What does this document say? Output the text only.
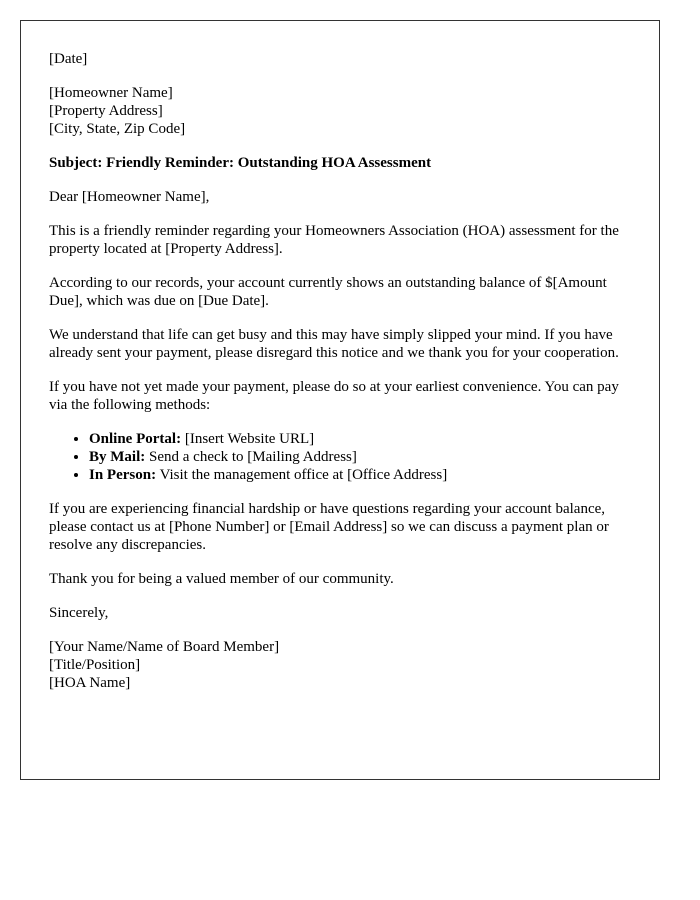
[Date]

[Homeowner Name]
[Property Address]
[City, State, Zip Code]

Subject: Friendly Reminder: Outstanding HOA Assessment

Dear [Homeowner Name],

This is a friendly reminder regarding your Homeowners Association (HOA) assessment for the property located at [Property Address].

According to our records, your account currently shows an outstanding balance of $[Amount Due], which was due on [Due Date].

We understand that life can get busy and this may have simply slipped your mind. If you have already sent your payment, please disregard this notice and we thank you for your cooperation.

If you have not yet made your payment, please do so at your earliest convenience. You can pay via the following methods:

• Online Portal: [Insert Website URL]
• By Mail: Send a check to [Mailing Address]
• In Person: Visit the management office at [Office Address]

If you are experiencing financial hardship or have questions regarding your account balance, please contact us at [Phone Number] or [Email Address] so we can discuss a payment plan or resolve any discrepancies.

Thank you for being a valued member of our community.

Sincerely,

[Your Name/Name of Board Member]
[Title/Position]
[HOA Name]
